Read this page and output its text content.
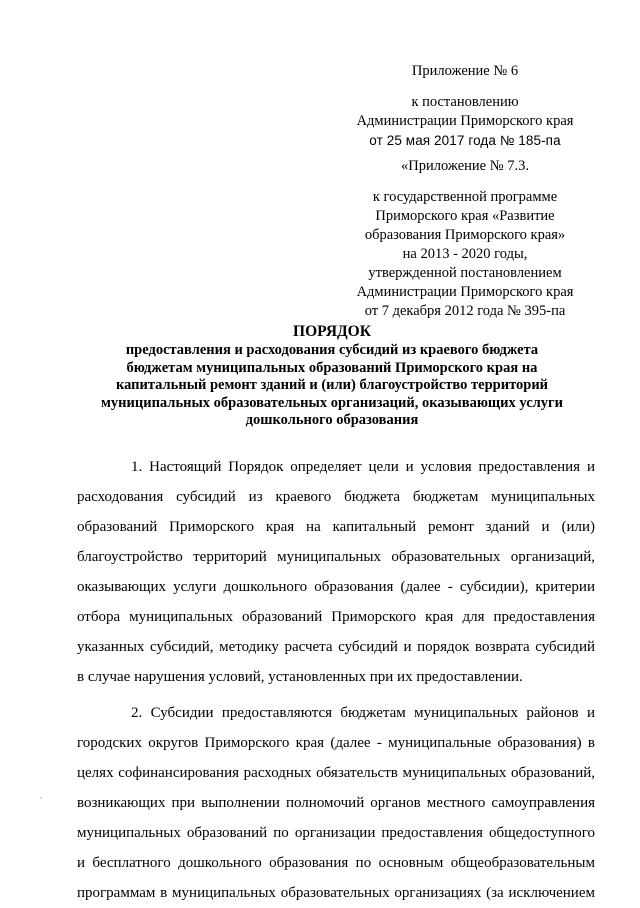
Приложение № 6
к постановлению
Администрации Приморского края
от 25 мая 2017 года № 185-па
«Приложение № 7.3.
к государственной программе
Приморского края «Развитие
образования Приморского края»
на 2013 - 2020 годы,
утвержденной постановлением
Администрации Приморского края
от 7 декабря 2012 года № 395-па
ПОРЯДОК
предоставления и расходования субсидий из краевого бюджета
бюджетам муниципальных образований Приморского края на
капитальный ремонт зданий и (или) благоустройство территорий
муниципальных образовательных организаций, оказывающих услуги
дошкольного образования
1. Настоящий Порядок определяет цели и условия предоставления и
расходования субсидий из краевого бюджета бюджетам муниципальных
образований Приморского края на капитальный ремонт зданий и (или)
благоустройство территорий муниципальных образовательных организаций,
оказывающих услуги дошкольного образования (далее - субсидии), критерии
отбора муниципальных образований Приморского края для предоставления
указанных субсидий, методику расчета субсидий и порядок возврата субсидий
в случае нарушения условий, установленных при их предоставлении.
2. Субсидии предоставляются бюджетам муниципальных районов и
городских округов Приморского края (далее - муниципальные образования) в
целях софинансирования расходных обязательств муниципальных образований,
возникающих при выполнении полномочий органов местного самоуправления
муниципальных образований по организации предоставления общедоступного
и бесплатного дошкольного образования по основным общеобразовательным
программам в муниципальных образовательных организациях (за исключением
